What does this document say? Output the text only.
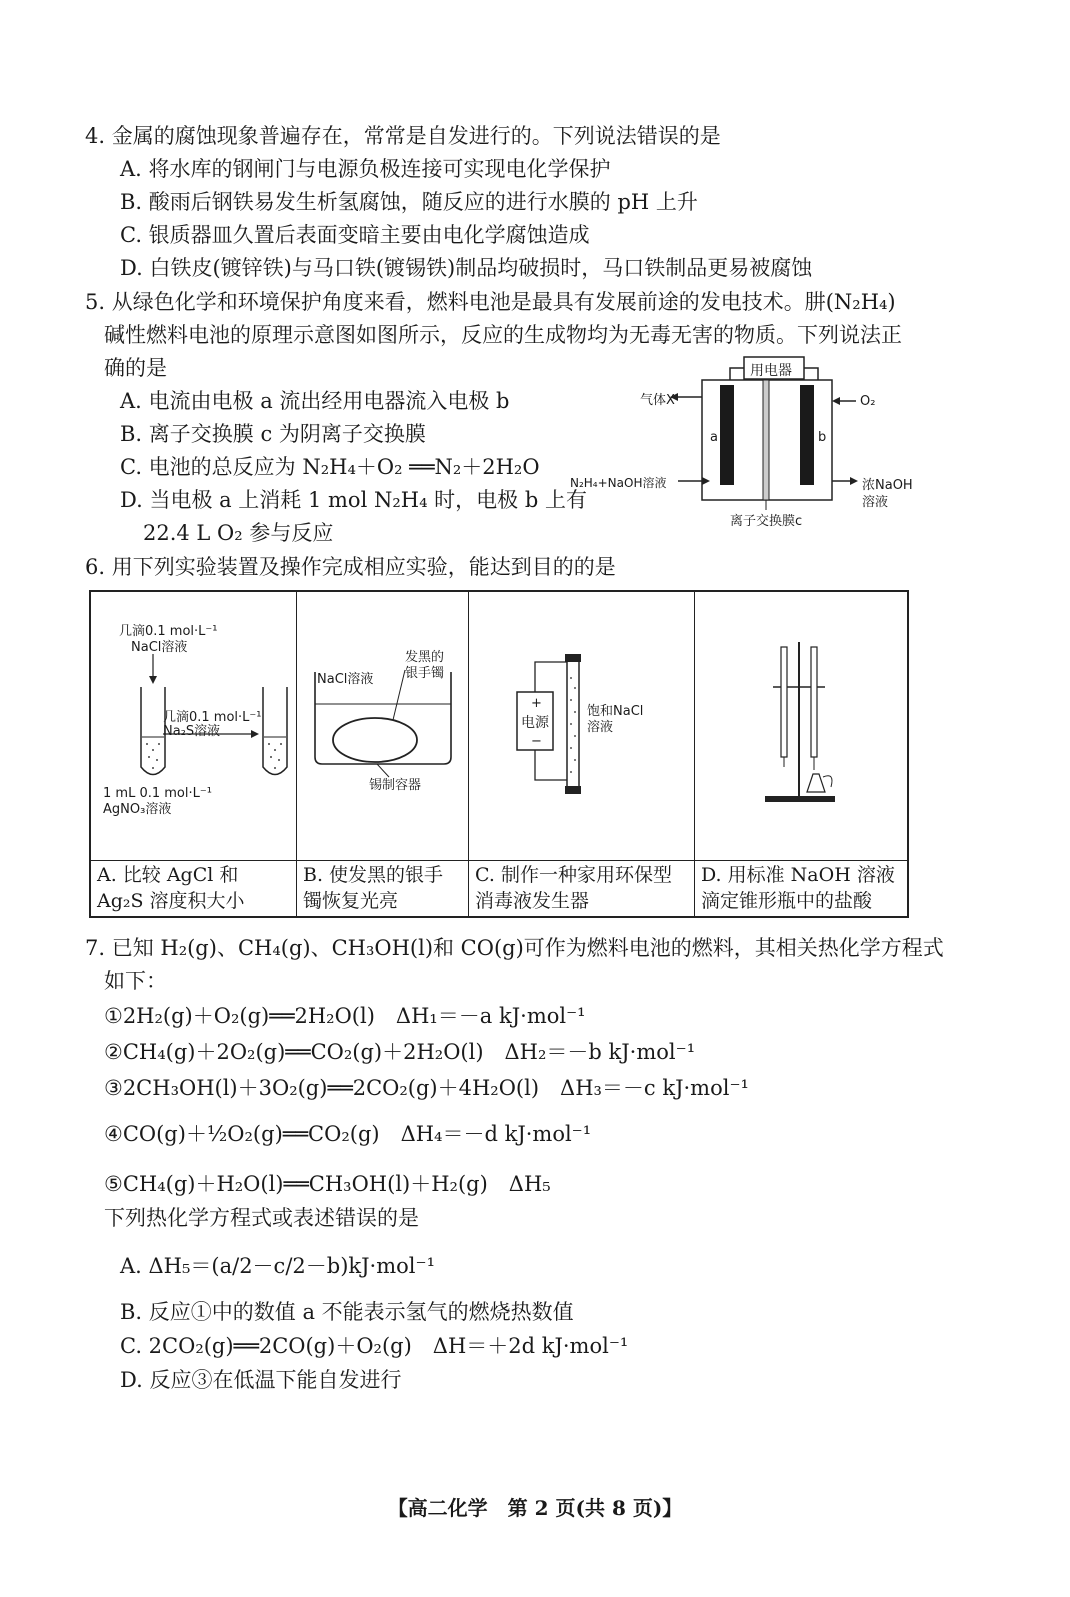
4. 金属的腐蚀现象普遍存在，常常是自发进行的。下列说法错误的是
A. 将水库的钢闸门与电源负极连接可实现电化学保护
B. 酸雨后钢铁易发生析氢腐蚀，随反应的进行水膜的 pH 上升
C. 银质器皿久置后表面变暗主要由电化学腐蚀造成
D. 白铁皮(镀锌铁)与马口铁(镀锡铁)制品均破损时，马口铁制品更易被腐蚀
5. 从绿色化学和环境保护角度来看，燃料电池是最具有发展前途的发电技术。肼(N₂H₄)
碱性燃料电池的原理示意图如图所示，反应的生成物均为无毒无害的物质。下列说法正
确的是
A. 电流由电极 a 流出经用电器流入电极 b
B. 离子交换膜 c 为阴离子交换膜
C. 电池的总反应为 N₂H₄＋O₂ ══N₂＋2H₂O
D. 当电极 a 上消耗 1 mol N₂H₄ 时，电极 b 上有
22.4 L O₂ 参与反应
用电器
气体X	O₂
a	b
N₂H₄+NaOH溶液	浓NaOH
溶液
离子交换膜c
6. 用下列实验装置及操作完成相应实验，能达到目的的是
几滴0.1 mol·L⁻¹
NaCl溶液
几滴0.1 mol·L⁻¹
Na₂S溶液
1 mL 0.1 mol·L⁻¹
AgNO₃溶液
A. 比较 AgCl 和 Ag₂S 溶度积大小
NaCl溶液
发黑的
银手镯
锡制容器
B. 使发黑的银手镯恢复光亮
电源
+
−
饱和NaCl
溶液
C. 制作一种家用环保型消毒液发生器
D. 用标准 NaOH 溶液滴定锥形瓶中的盐酸
7. 已知 H₂(g)、CH₄(g)、CH₃OH(l)和 CO(g)可作为燃料电池的燃料，其相关热化学方程式
如下：
①2H₂(g)＋O₂(g)══2H₂O(l)　ΔH₁＝－a kJ·mol⁻¹
②CH₄(g)＋2O₂(g)══CO₂(g)＋2H₂O(l)　ΔH₂＝－b kJ·mol⁻¹
③2CH₃OH(l)＋3O₂(g)══2CO₂(g)＋4H₂O(l)　ΔH₃＝－c kJ·mol⁻¹
④CO(g)＋½O₂(g)══CO₂(g)　ΔH₄＝－d kJ·mol⁻¹
⑤CH₄(g)＋H₂O(l)══CH₃OH(l)＋H₂(g)　ΔH₅
下列热化学方程式或表述错误的是
A. ΔH₅＝(a/2－c/2－b)kJ·mol⁻¹
B. 反应①中的数值 a 不能表示氢气的燃烧热数值
C. 2CO₂(g)══2CO(g)＋O₂(g)　ΔH＝＋2d kJ·mol⁻¹
D. 反应③在低温下能自发进行
【高二化学　第 2 页(共 8 页)】
